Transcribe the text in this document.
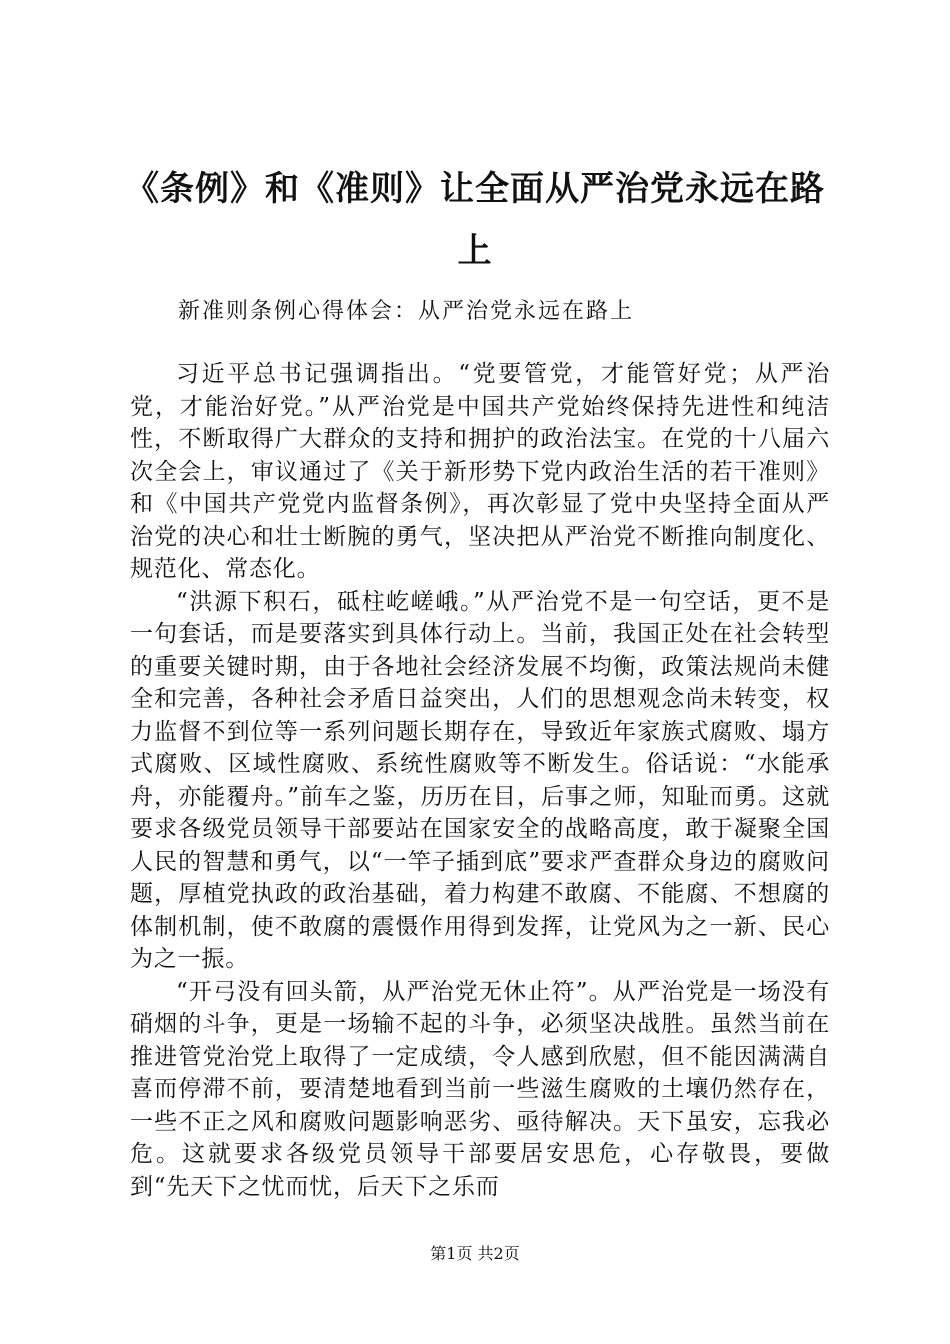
《条例》和《准则》让全面从严治党永远在路上

新准则条例心得体会：从严治党永远在路上

习近平总书记强调指出。“党要管党，才能管好党；从严治党，才能治好党。”从严治党是中国共产党始终保持先进性和纯洁性，不断取得广大群众的支持和拥护的政治法宝。在党的十八届六次全会上，审议通过了《关于新形势下党内政治生活的若干准则》和《中国共产党党内监督条例》，再次彰显了党中央坚持全面从严治党的决心和壮士断腕的勇气，坚决把从严治党不断推向制度化、规范化、常态化。

“洪源下积石，砥柱屹嵯峨。”从严治党不是一句空话，更不是一句套话，而是要落实到具体行动上。当前，我国正处在社会转型的重要关键时期，由于各地社会经济发展不均衡，政策法规尚未健全和完善，各种社会矛盾日益突出，人们的思想观念尚未转变，权力监督不到位等一系列问题长期存在，导致近年家族式腐败、塌方式腐败、区域性腐败、系统性腐败等不断发生。俗话说：“水能承舟，亦能覆舟。”前车之鉴，历历在目，后事之师，知耻而勇。这就要求各级党员领导干部要站在国家安全的战略高度，敢于凝聚全国人民的智慧和勇气，以“一竿子插到底”要求严查群众身边的腐败问题，厚植党执政的政治基础，着力构建不敢腐、不能腐、不想腐的体制机制，使不敢腐的震慑作用得到发挥，让党风为之一新、民心为之一振。

“开弓没有回头箭，从严治党无休止符”。从严治党是一场没有硝烟的斗争，更是一场输不起的斗争，必须坚决战胜。虽然当前在推进管党治党上取得了一定成绩，令人感到欣慰，但不能因满满自喜而停滞不前，要清楚地看到当前一些滋生腐败的土壤仍然存在，一些不正之风和腐败问题影响恶劣、亟待解决。天下虽安，忘我必危。这就要求各级党员领导干部要居安思危，心存敬畏，要做到“先天下之忧而忧，后天下之乐而

第1页 共2页
